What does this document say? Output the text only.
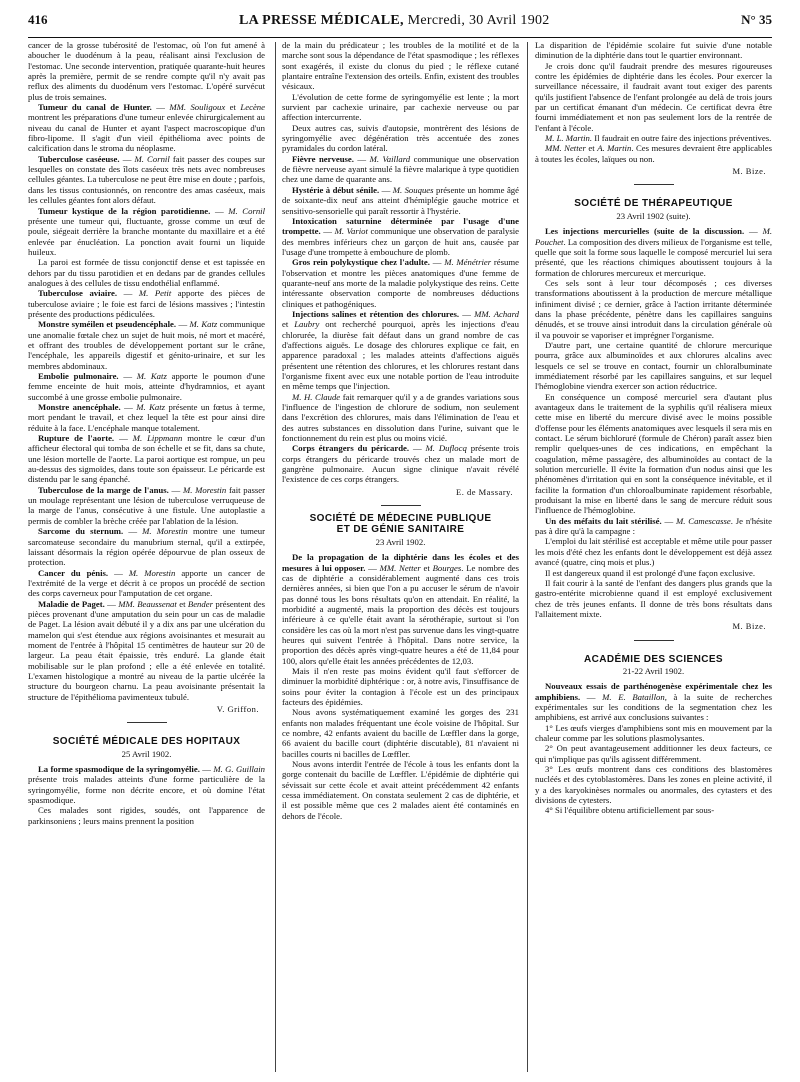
416	LA PRESSE MÉDICALE, Mercredi, 30 Avril 1902	N° 35

cancer de la grosse tubérosité de l'estomac, où l'on fut amené à aboucher le duodénum à la peau, réalisant ainsi l'exclusion de l'estomac. Une seconde intervention, pratiquée quarante-huit heures après la première, permit de se rendre compte qu'il n'y avait pas reflux des aliments du duodénum vers l'estomac. L'opéré survécut plus de trois semaines.

Tumeur du canal de Hunter. — MM. Souligoux et Lecène montrent les préparations d'une tumeur enlevée chirurgicalement au niveau du canal de Hunter et ayant l'aspect macroscopique d'un fibro-lipome. Il s'agit d'un vieil épithélioma avec points de calcification dans le stroma du néoplasme.

Tuberculose caséeuse. — M. Cornil fait passer des coupes sur lesquelles on constate des îlots caséeux très nets avec nombreuses cellules géantes. La tuberculose ne peut être mise en doute ; parfois, dans les tissus contusionnés, on rencontre des amas caséeux, mais les cellules géantes font alors défaut.

Tumeur kystique de la région parotidienne. — M. Cornil présente une tumeur qui, fluctuante, grosse comme un œuf de poule, siégeait derrière la branche montante du maxillaire et a été enlevée par énucléation. La ponction avait fourni un liquide huileux.

La paroi est formée de tissu conjonctif dense et est tapissée en dehors par du tissu parotidien et en dedans par de grandes cellules analogues à des cellules de tissu endothélial enflammé.

Tuberculose aviaire. — M. Petit apporte des pièces de tuberculose aviaire ; le foie est farci de lésions massives ; l'intestin présente des productions pédiculées.

Monstre syméilen et pseudencéphale. — M. Katz communique une anomalie fœtale chez un sujet de huit mois, né mort et macéré, et offrant des troubles de développement portant sur le crâne, l'encéphale, les appareils digestif et génito-urinaire, et sur les membres abdominaux.

Embolie pulmonaire. — M. Katz apporte le poumon d'une femme enceinte de huit mois, atteinte d'hydramnios, et ayant succombé à une grosse embolie pulmonaire.

Monstre anencéphale. — M. Katz présente un fœtus à terme, mort pendant le travail, et chez lequel la tête est pour ainsi dire réduite à la face. L'encéphale manque totalement.

Rupture de l'aorte. — M. Lippmann montre le cœur d'un afficheur électoral qui tomba de son échelle et se fit, dans sa chute, une lésion mortelle de l'aorte. La paroi aortique est rompue, un peu au-dessus des sigmoïdes, dans toute son épaisseur. Le péricarde est distendu par le sang épanché.

Tuberculose de la marge de l'anus. — M. Morestin fait passer un moulage représentant une lésion de tuberculose verruqueuse de la marge de l'anus, consécutive à une fistule. Une autoplastie a permis de combler la brèche créée par l'ablation de la lésion.

Sarcome du sternum. — M. Morestin montre une tumeur sarcomateuse secondaire du manubrium sternal, qu'il a extirpée, laissant désormais la région opérée dépourvue de plan osseux de protection.

Cancer du pénis. — M. Morestin apporte un cancer de l'extrémité de la verge et décrit à ce propos un procédé de section des corps caverneux pour l'amputation de cet organe.

Maladie de Paget. — MM. Beaussenat et Bender présentent des pièces provenant d'une amputation du sein pour un cas de maladie de Paget. La lésion avait débuté il y a dix ans par une ulcération du mamelon qui s'est étendue aux régions avoisinantes et mesurait au moment de l'entrée à l'hôpital 15 centimètres de hauteur sur 20 de largeur. La peau était épaissie, très enduré. La glande était mobilisable sur le plan profond ; elle a été enlevée en totalité. L'examen histologique a montré au niveau de la partie ulcérée la structure du bourgeon charnu. La peau avoisinante présentait la structure de l'épithélioma pavimenteux tubulé.

V. Griffon.
SOCIÉTÉ MÉDICALE DES HOPITAUX
25 Avril 1902.

La forme spasmodique de la syringomyélie. — M. G. Guillain présente trois malades atteints d'une forme particulière de la syringomyélie, forme non décrite encore, et où domine l'état spasmodique.

Ces malades sont rigides, soudés, ont l'apparence de parkinsoniens ; leurs mains prennent la position

de la main du prédicateur ; les troubles de la motilité et de la marche sont sous la dépendance de l'état spasmodique ; les réflexes sont exagérés, il existe du clonus du pied ; le réflexe cutané plantaire entraîne l'extension des orteils. Enfin, existent des troubles vésicaux.

L'évolution de cette forme de syringomyélie est lente ; la mort survient par cachexie urinaire, par cachexie nerveuse ou par affection intercurrente.

Deux autres cas, suivis d'autopsie, montrèrent des lésions de syringomyélie avec dégénération très accentuée des zones pyramidales du cordon latéral.

Fièvre nerveuse. — M. Vaillard communique une observation de fièvre nerveuse ayant simulé la fièvre malarique à type quotidien chez une dame de quarante ans.

Hystérie à début sénile. — M. Souques présente un homme âgé de soixante-dix neuf ans atteint d'hémiplégie gauche motrice et sensitivo-sensorielle qui paraît ressortir à l'hystérie.

Intoxication saturnine déterminée par l'usage d'une trompette. — M. Variot communique une observation de paralysie des membres inférieurs chez un garçon de huit ans, causée par l'usage d'une trompette à embouchure de plomb.

Gros rein polykystique chez l'adulte. — M. Ménétrier résume l'observation et montre les pièces anatomiques d'une femme de quarante-neuf ans morte de la maladie polykystique des reins. Cette intéressante observation comporte de nombreuses déductions cliniques et pathogéniques.

Injections salines et rétention des chlorures. — MM. Achard et Laubry ont recherché pourquoi, après les injections d'eau chlorurée, la diurèse fait défaut dans un grand nombre de cas d'affections aiguës. Le dosage des chlorures explique ce fait, en apparence paradoxal ; les malades atteints d'affections aiguës présentent une rétention des chlorures, et les chlorures restant dans l'organisme fixent avec eux une notable portion de l'eau introduite en même temps que l'injection.

M. H. Claude fait remarquer qu'il y a de grandes variations sous l'influence de l'ingestion de chlorure de sodium, non seulement dans l'excrétion des chlorures, mais dans l'élimination de l'eau et des autres substances en dissolution dans l'urine, suivant que le fonctionnement du rein est plus ou moins vicié.

Corps étrangers du péricarde. — M. Duflocq présente trois corps étrangers du péricarde trouvés chez un malade mort de gangrène pulmonaire. Aucun signe clinique n'avait révélé l'existence de ces corps étrangers.

E. de Massary.
SOCIÉTÉ DE MÉDECINE PUBLIQUE
ET DE GÉNIE SANITAIRE
23 Avril 1902.

De la propagation de la diphtérie dans les écoles et des mesures à lui opposer. — MM. Netter et Bourges. Le nombre des cas de diphtérie a considérablement augmenté dans ces trois dernières années, si bien que l'on a pu accuser le sérum de n'avoir pas donné tous les bons résultats qu'on en attendait. En réalité, la morbidité a augmenté, mais la proportion des décès est toujours inférieure à ce qu'elle était avant la sérothérapie, surtout si l'on considère les cas où la mort n'est pas survenue dans les vingt-quatre heures qui suivent l'entrée à l'hôpital. Dans notre service, la proportion des décès après vingt-quatre heures a été de 11,84 pour 100, alors qu'elle était les années précédentes de 12,03.

Mais il n'en reste pas moins évident qu'il faut s'efforcer de diminuer la morbidité diphtérique : or, à notre avis, l'insuffisance de soins pour éviter la contagion à l'école est un des principaux facteurs des épidémies.

Nous avons systématiquement examiné les gorges des 231 enfants non malades fréquentant une école voisine de l'hôpital. Sur ce nombre, 42 enfants avaient du bacille de Lœffler dans la gorge, 66 avaient du bacille court (diphtérie discutable), 81 n'avaient ni bacilles courts ni bacilles de Lœffler.

Nous avons interdit l'entrée de l'école à tous les enfants dont la gorge contenait du bacille de Lœffler. L'épidémie de diphtérie qui sévissait sur cette école et avait atteint précédemment 42 enfants cessa immédiatement. On constata seulement 2 cas de diphtérie, et il est possible même que ces 2 malades aient été contaminés en dehors de l'école.

La disparition de l'épidémie scolaire fut suivie d'une notable diminution de la diphtérie dans tout le quartier environnant.

Je crois donc qu'il faudrait prendre des mesures rigoureuses contre les épidémies de diphtérie dans les écoles. Pour exercer la surveillance nécessaire, il faudrait avant tout exiger des parents qu'ils justifient l'absence de l'enfant prolongée au delà de trois jours par un certificat émanant d'un médecin. Ce certificat devra être fourni immédiatement et non pas seulement lors de la rentrée de l'enfant à l'école.

M. L. Martin. Il faudrait en outre faire des injections préventives.

MM. Netter et A. Martin. Ces mesures devraient être applicables à toutes les écoles, laïques ou non.

M. Bize.
SOCIÉTÉ DE THÉRAPEUTIQUE
23 Avril 1902 (suite).

Les injections mercurielles (suite de la discussion. — M. Pouchet. La composition des divers milieux de l'organisme est telle, quelle que soit la forme sous laquelle le composé mercuriel lui sera présenté, que les réactions chimiques aboutissent toujours à la formation de chlorures mercureux et mercurique.

Ces sels sont à leur tour décomposés ; ces diverses transformations aboutissent à la production de mercure métallique infiniment divisé ; ce dernier, grâce à l'action irritante déterminée dans la phase précédente, pénètre dans les capillaires sanguins dénudés, et se trouve ainsi introduit dans la circulation générale où il va pouvoir se vaporiser et imprégner l'organisme.

D'autre part, une certaine quantité de chlorure mercurique pourra, grâce aux albuminoïdes et aux chlorures alcalins avec lesquels ce sel se trouve en contact, fournir un chloralbuminate immédiatement résorbé par les capillaires sanguins, et sur lequel l'hémoglobine viendra exercer son action réductrice.

En conséquence un composé mercuriel sera d'autant plus avantageux dans le traitement de la syphilis qu'il réalisera mieux cette mise en liberté du mercure divisé avec le moins possible d'offense pour les éléments anatomiques avec lesquels il sera mis en contact. Le sérum bichloruré (formule de Chéron) paraît assez bien remplir quelques-unes de ces indications, en empêchant la coagulation, même passagère, des albuminoïdes au contact de la solution mercurielle. Il évite la formation d'un nodus ainsi que les phénomènes d'irritation qui en sont la conséquence inévitable, et il facilite la formation d'un chloroalbuminate rapidement résorbable, produisant la mise en liberté dans le sang de mercure réduit sous l'influence de l'hémoglobine.

Un des méfaits du lait stérilisé. — M. Camescasse. Je n'hésite pas à dire qu'à la campagne :

L'emploi du lait stérilisé est acceptable et même utile pour passer les mois d'été chez les enfants dont le développement est déjà assez avancé (quatre, cinq mois et plus.)

Il est dangereux quand il est prolongé d'une façon exclusive.

Il fait courir à la santé de l'enfant des dangers plus grands que la gastro-entérite microbienne quand il est employé exclusivement chez de très jeunes enfants. Il donne de très bons résultats dans l'allaitement mixte.

M. Bize.
ACADÉMIE DES SCIENCES
21-22 Avril 1902.

Nouveaux essais de parthénogenèse expérimentale chez les amphibiens. — M. E. Bataillon, à la suite de recherches expérimentales sur les conditions de la segmentation chez les amphibiens, est arrivé aux conclusions suivantes :

1° Les œufs vierges d'amphibiens sont mis en mouvement par la chaleur comme par les solutions plasmolysantes.

2° On peut avantageusement additionner les deux facteurs, ce qui n'implique pas qu'ils agissent différemment.

3° Les œufs montrent dans ces conditions des blastomères nucléés et des cytoblastomères. Dans les zones en pleine activité, il y a des karyokinèses normales ou anormales, des cytasters et des divisions de cytesters.

4° Si l'équilibre obtenu artificiellement par sous-
